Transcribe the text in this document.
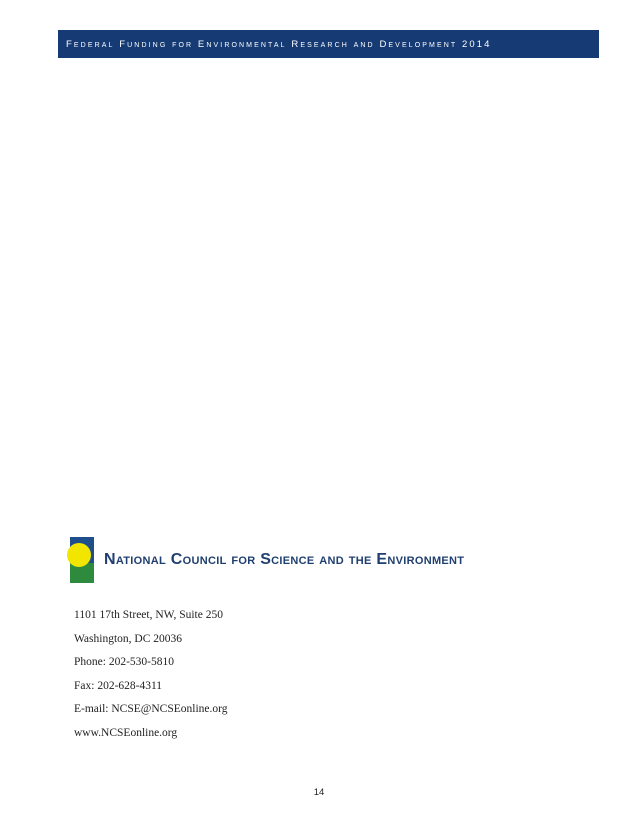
Federal Funding for Environmental Research and Development 2014
National Council for Science and the Environment
1101 17th Street, NW, Suite 250
Washington, DC 20036
Phone: 202-530-5810
Fax: 202-628-4311
E-mail: NCSE@NCSEonline.org
www.NCSEonline.org
14
